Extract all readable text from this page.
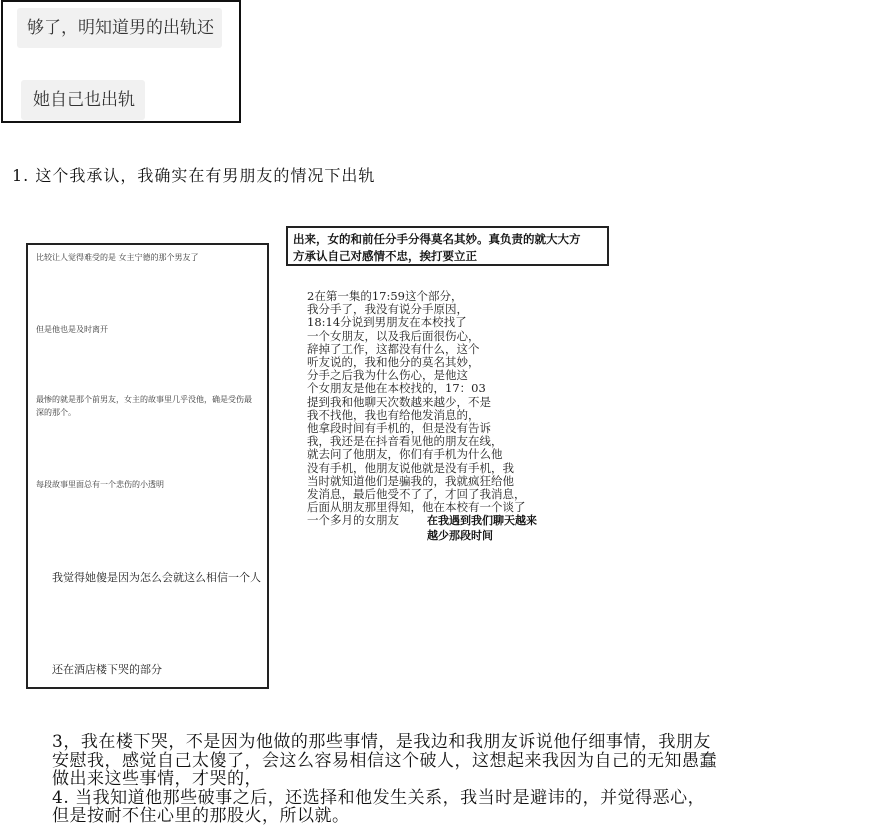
够了，明知道男的出轨还
她自己也出轨
1. 这个我承认，我确实在有男朋友的情况下出轨
比较让人觉得难受的是 女主宁德的那个男友了
但是他也是及时离开
最惨的就是那个前男友，女主的故事里几乎没他，确是受伤最深的那个。
每段故事里面总有一个悲伤的小透明
我觉得她傻是因为怎么会就这么相信一个人
还在酒店楼下哭的部分
出来，女的和前任分手分得莫名其妙。真负责的就大大方
方承认自己对感情不忠，挨打要立正
2在第一集的17:59这个部分，
我分手了，我没有说分手原因，
18:14分说到男朋友在本校找了
一个女朋友，以及我后面很伤心，
辞掉了工作，这都没有什么，这个
听友说的，我和他分的莫名其妙，
分手之后我为什么伤心，是他这
个女朋友是他在本校找的，17：03
提到我和他聊天次数越来越少，不是
我不找他，我也有给他发消息的，
他拿段时间有手机的，但是没有告诉
我，我还是在抖音看见他的朋友在线，
就去问了他朋友，你们有手机为什么他
没有手机，他朋友说他就是没有手机，我
当时就知道他们是骗我的，我就疯狂给他
发消息，最后他受不了了，才回了我消息，
后面从朋友那里得知，他在本校有一个谈了
一个多月的女朋友	在我遇到我们聊天越来
越少那段时间
3，我在楼下哭，不是因为他做的那些事情，是我边和我朋友诉说他仔细事情，我朋友
安慰我，感觉自己太傻了，会这么容易相信这个破人，这想起来我因为自己的无知愚蠢
做出来这些事情，才哭的，
4. 当我知道他那些破事之后，还选择和他发生关系，我当时是避讳的，并觉得恶心，
但是按耐不住心里的那股火，所以就。
